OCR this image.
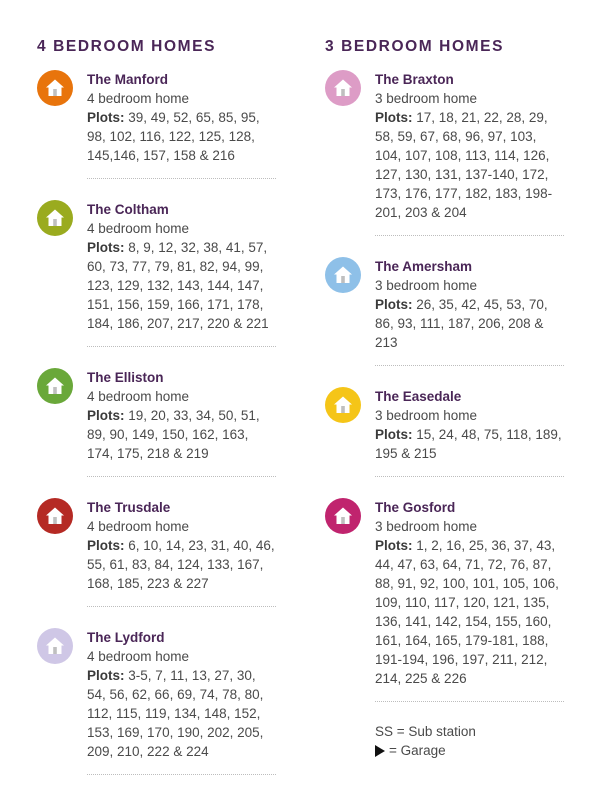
4 BEDROOM HOMES
The Manford
4 bedroom home
Plots: 39, 49, 52, 65, 85, 95, 98, 102, 116, 122, 125, 128, 145,146, 157, 158 & 216
The Coltham
4 bedroom home
Plots: 8, 9, 12, 32, 38, 41, 57, 60, 73, 77, 79, 81, 82, 94, 99, 123, 129, 132, 143, 144, 147, 151, 156, 159, 166, 171, 178, 184, 186, 207, 217, 220 & 221
The Elliston
4 bedroom home
Plots: 19, 20, 33, 34, 50, 51, 89, 90, 149, 150, 162, 163, 174, 175, 218 & 219
The Trusdale
4 bedroom home
Plots: 6, 10, 14, 23, 31, 40, 46, 55, 61, 83, 84, 124, 133, 167, 168, 185, 223 & 227
The Lydford
4 bedroom home
Plots: 3-5, 7, 11, 13, 27, 30, 54, 56, 62, 66, 69, 74, 78, 80, 112, 115, 119, 134, 148, 152, 153, 169, 170, 190, 202, 205, 209, 210, 222 & 224
3 BEDROOM HOMES
The Braxton
3 bedroom home
Plots: 17, 18, 21, 22, 28, 29, 58, 59, 67, 68, 96, 97, 103, 104, 107, 108, 113, 114, 126, 127, 130, 131, 137-140, 172, 173, 176, 177, 182, 183, 198-201, 203 & 204
The Amersham
3 bedroom home
Plots: 26, 35, 42, 45, 53, 70, 86, 93, 111, 187, 206, 208 & 213
The Easedale
3 bedroom home
Plots: 15, 24, 48, 75, 118, 189, 195 & 215
The Gosford
3 bedroom home
Plots: 1, 2, 16, 25, 36, 37, 43, 44, 47, 63, 64, 71, 72, 76, 87, 88, 91, 92, 100, 101, 105, 106, 109, 110, 117, 120, 121, 135, 136, 141, 142, 154, 155, 160, 161, 164, 165, 179-181, 188, 191-194, 196, 197, 211, 212, 214, 225 & 226
SS = Sub station
= Garage
